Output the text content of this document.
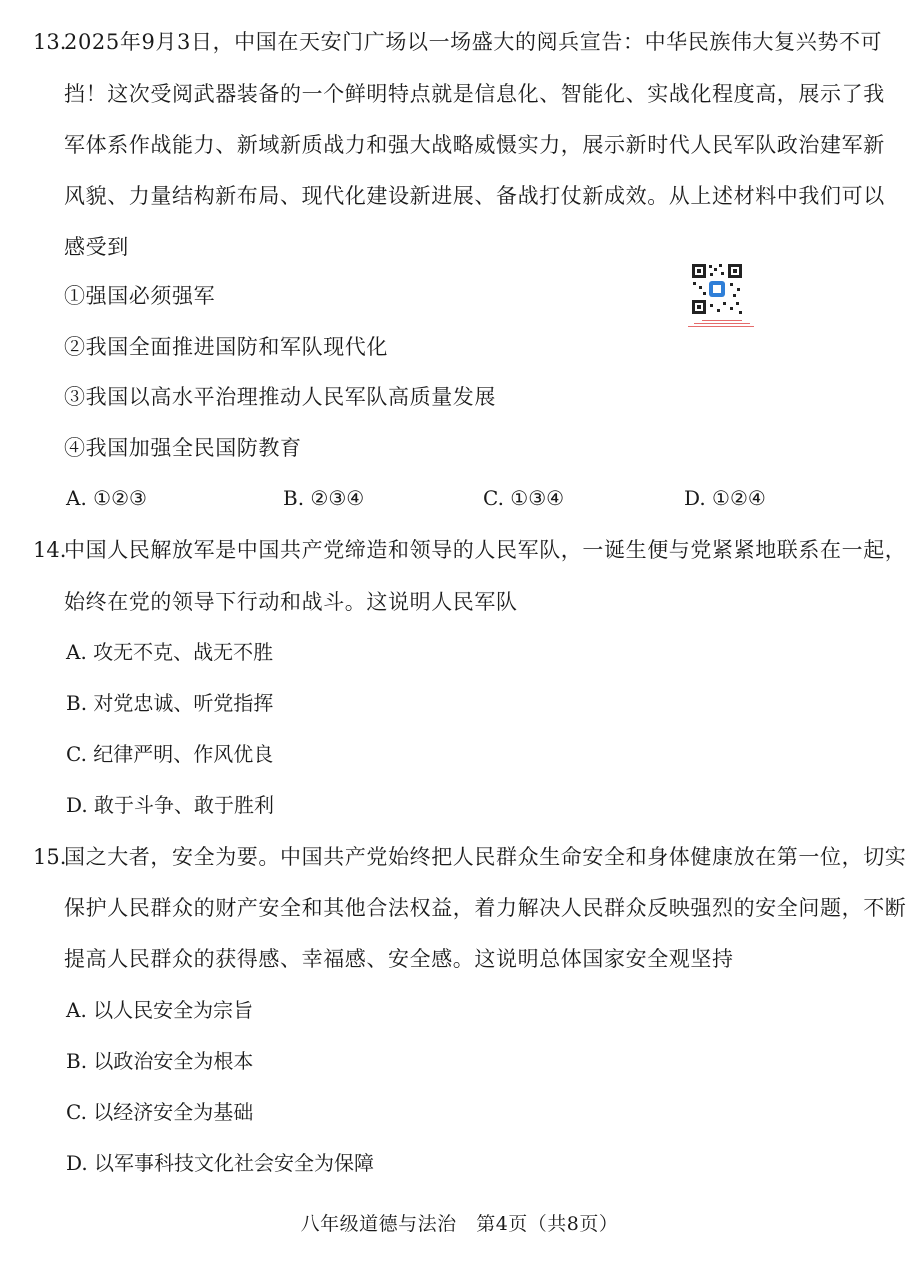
13.
2025年9月3日，中国在天安门广场以一场盛大的阅兵宣告：中华民族伟大复兴势不可
挡！这次受阅武器装备的一个鲜明特点就是信息化、智能化、实战化程度高，展示了我
军体系作战能力、新域新质战力和强大战略威慑实力，展示新时代人民军队政治建军新
风貌、力量结构新布局、现代化建设新进展、备战打仗新成效。从上述材料中我们可以
感受到
①强国必须强军
②我国全面推进国防和军队现代化
③我国以高水平治理推动人民军队高质量发展
④我国加强全民国防教育
A. ①②③	B. ②③④	C. ①③④	D. ①②④
14.
中国人民解放军是中国共产党缔造和领导的人民军队，一诞生便与党紧紧地联系在一起，
始终在党的领导下行动和战斗。这说明人民军队
A. 攻无不克、战无不胜
B. 对党忠诚、听党指挥
C. 纪律严明、作风优良
D. 敢于斗争、敢于胜利
15.
国之大者，安全为要。中国共产党始终把人民群众生命安全和身体健康放在第一位，切实
保护人民群众的财产安全和其他合法权益，着力解决人民群众反映强烈的安全问题，不断
提高人民群众的获得感、幸福感、安全感。这说明总体国家安全观坚持
A. 以人民安全为宗旨
B. 以政治安全为根本
C. 以经济安全为基础
D. 以军事科技文化社会安全为保障
八年级道德与法治 第4页（共8页）
